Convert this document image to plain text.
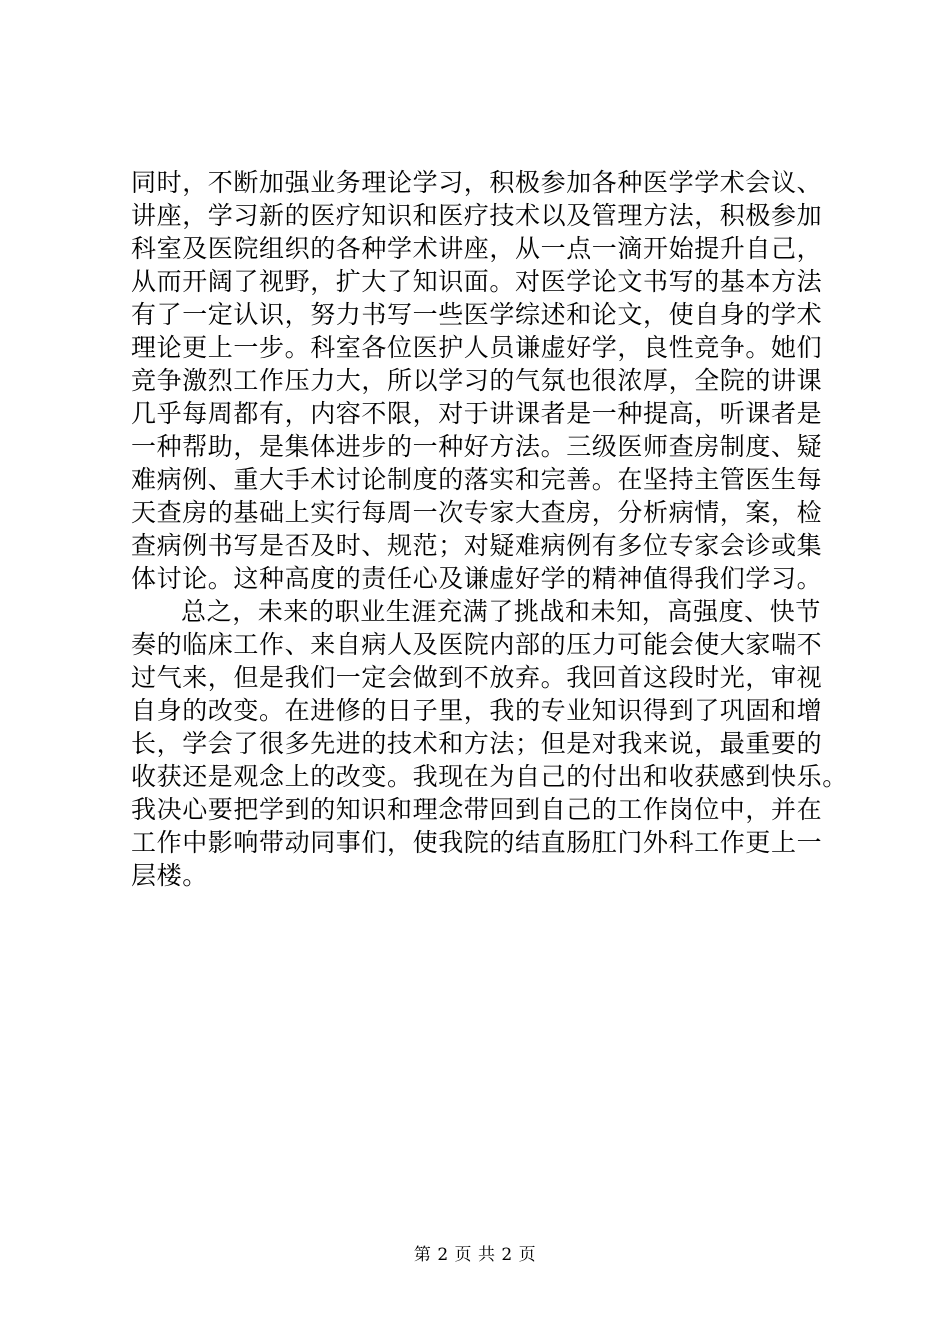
同时，不断加强业务理论学习，积极参加各种医学学术会议、
讲座，学习新的医疗知识和医疗技术以及管理方法，积极参加
科室及医院组织的各种学术讲座，从一点一滴开始提升自己，
从而开阔了视野，扩大了知识面。对医学论文书写的基本方法
有了一定认识，努力书写一些医学综述和论文，使自身的学术
理论更上一步。科室各位医护人员谦虚好学，良性竞争。她们
竞争激烈工作压力大，所以学习的气氛也很浓厚，全院的讲课
几乎每周都有，内容不限，对于讲课者是一种提高，听课者是
一种帮助，是集体进步的一种好方法。三级医师查房制度、疑
难病例、重大手术讨论制度的落实和完善。在坚持主管医生每
天查房的基础上实行每周一次专家大查房，分析病情，案，检
查病例书写是否及时、规范；对疑难病例有多位专家会诊或集
体讨论。这种高度的责任心及谦虚好学的精神值得我们学习。
总之，未来的职业生涯充满了挑战和未知，高强度、快节
奏的临床工作、来自病人及医院内部的压力可能会使大家喘不
过气来，但是我们一定会做到不放弃。我回首这段时光，审视
自身的改变。在进修的日子里，我的专业知识得到了巩固和增
长，学会了很多先进的技术和方法；但是对我来说，最重要的
收获还是观念上的改变。我现在为自己的付出和收获感到快乐。
我决心要把学到的知识和理念带回到自己的工作岗位中，并在
工作中影响带动同事们，使我院的结直肠肛门外科工作更上一
层楼。
第 2 页 共 2 页
